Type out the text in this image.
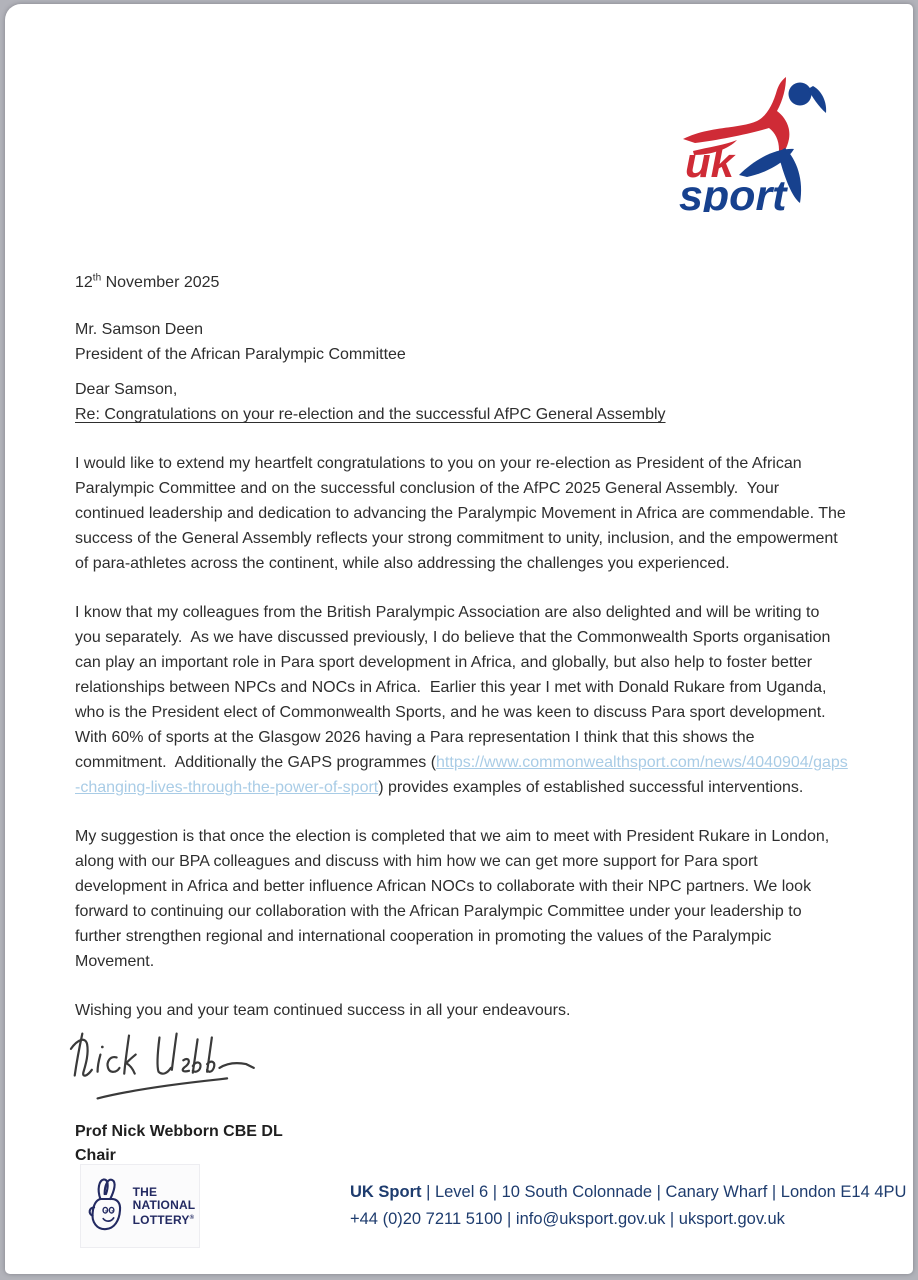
uk
sport
12th November 2025
Mr. Samson Deen
President of the African Paralympic Committee
Dear Samson,
Re: Congratulations on your re-election and the successful AfPC General Assembly

I would like to extend my heartfelt congratulations to you on your re-election as President of the African Paralympic Committee and on the successful conclusion of the AfPC 2025 General Assembly.  Your continued leadership and dedication to advancing the Paralympic Movement in Africa are commendable. The success of the General Assembly reflects your strong commitment to unity, inclusion, and the empowerment of para-athletes across the continent, while also addressing the challenges you experienced.

I know that my colleagues from the British Paralympic Association are also delighted and will be writing to you separately.  As we have discussed previously, I do believe that the Commonwealth Sports organisation can play an important role in Para sport development in Africa, and globally, but also help to foster better relationships between NPCs and NOCs in Africa.  Earlier this year I met with Donald Rukare from Uganda, who is the President elect of Commonwealth Sports, and he was keen to discuss Para sport development. With 60% of sports at the Glasgow 2026 having a Para representation I think that this shows the commitment.  Additionally the GAPS programmes (https://www.commonwealthsport.com/news/4040904/gaps-changing-lives-through-the-power-of-sport) provides examples of established successful interventions.

My suggestion is that once the election is completed that we aim to meet with President Rukare in London, along with our BPA colleagues and discuss with him how we can get more support for Para sport development in Africa and better influence African NOCs to collaborate with their NPC partners. We look forward to continuing our collaboration with the African Paralympic Committee under your leadership to further strengthen regional and international cooperation in promoting the values of the Paralympic Movement.

Wishing you and your team continued success in all your endeavours.

Prof Nick Webborn CBE DL
Chair
THE
NATIONAL
LOTTERY®
UK Sport | Level 6 | 10 South Colonnade | Canary Wharf | London E14 4PU
+44 (0)20 7211 5100 | info@uksport.gov.uk | uksport.gov.uk
